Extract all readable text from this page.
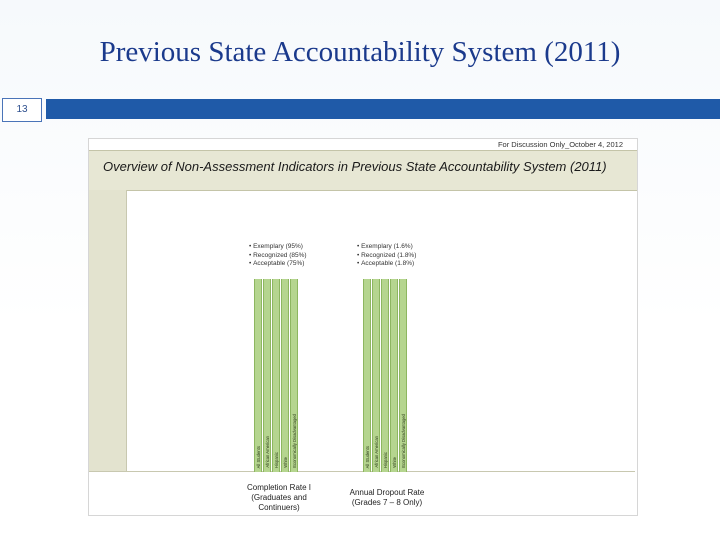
Previous State Accountability System (2011)
13
For Discussion Only_October 4, 2012
Overview of Non-Assessment Indicators in Previous State Accountability System (2011)
• Exemplary (95%)
• Recognized (85%)
• Acceptable (75%)
All Students African American Hispanic White Economically Disadvantaged
Completion Rate I
(Graduates and
Continuers)
• Exemplary (1.6%)
• Recognized (1.8%)
• Acceptable (1.8%)
All Students African American Hispanic White Economically Disadvantaged
Annual Dropout Rate
(Grades 7 – 8 Only)
